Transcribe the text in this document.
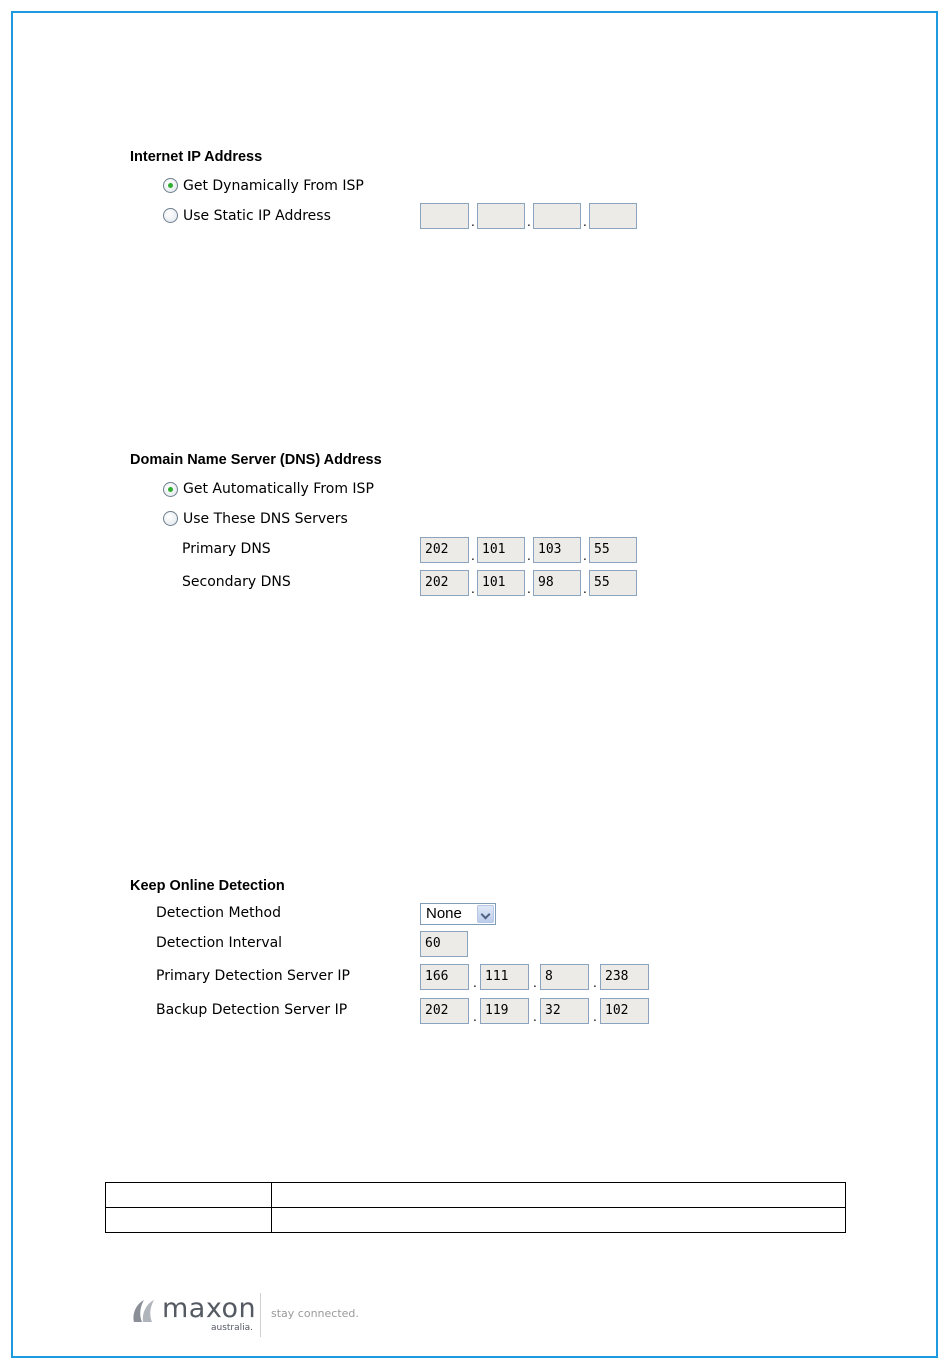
Internet IP Address
Get Dynamically From ISP
Use Static IP Address	.	.	.
Domain Name Server (DNS) Address
Get Automatically From ISP
Use These DNS Servers
Primary DNS	202	. 101	. 103	. 55
Secondary DNS	202	. 101	. 98	. 55
Keep Online Detection
Detection Method	None
Detection Interval	60
Primary Detection Server IP	166	. 111	. 8	. 238
Backup Detection Server IP	202	. 119	. 32	. 102

maxon
australia.
stay connected.
